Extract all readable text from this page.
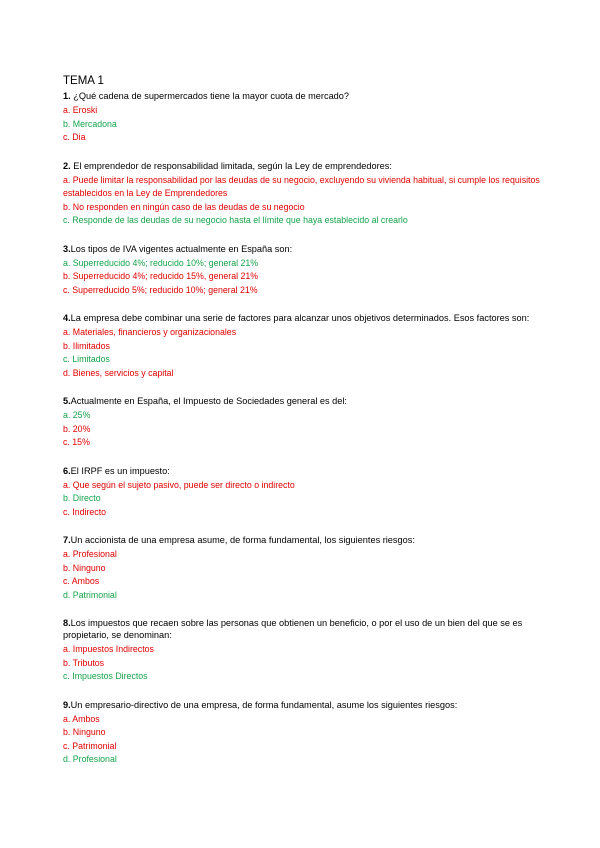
TEMA 1
1. ¿Qué cadena de supermercados tiene la mayor cuota de mercado?
a. Eroski
b. Mercadona
c. Dia
2. El emprendedor de responsabilidad limitada, según la Ley de emprendedores:
a. Puede limitar la responsabilidad por las deudas de su negocio, excluyendo su vivienda habitual, si cumple los requisitos establecidos en la Ley de Emprendedores
b. No responden en ningún caso de las deudas de su negocio
c. Responde de las deudas de su negocio hasta el límite que haya establecido al crearlo
3.Los tipos de IVA vigentes actualmente en España son:
a. Superreducido 4%; reducido 10%; general 21%
b. Superreducido 4%; reducido 15%, general 21%
c. Superreducido 5%; reducido 10%; general 21%
4.La empresa debe combinar una serie de factores para alcanzar unos objetivos determinados. Esos factores son:
a. Materiales, financieros y organizacionales
b. Ilimitados
c. Limitados
d. Bienes, servicios y capital
5.Actualmente en España, el Impuesto de Sociedades general es del:
a. 25%
b. 20%
c. 15%
6.El IRPF es un impuesto:
a. Que según el sujeto pasivo, puede ser directo o indirecto
b. Directo
c. Indirecto
7.Un accionista de una empresa asume, de forma fundamental, los siguientes riesgos:
a. Profesional
b. Ninguno
c. Ambos
d. Patrimonial
8.Los impuestos que recaen sobre las personas que obtienen un beneficio, o por el uso de un bien del que se es propietario, se denominan:
a. Impuestos Indirectos
b. Tributos
c. Impuestos Directos
9.Un empresario-directivo de una empresa, de forma fundamental, asume los siguientes riesgos:
a. Ambos
b. Ninguno
c. Patrimonial
d. Profesional
